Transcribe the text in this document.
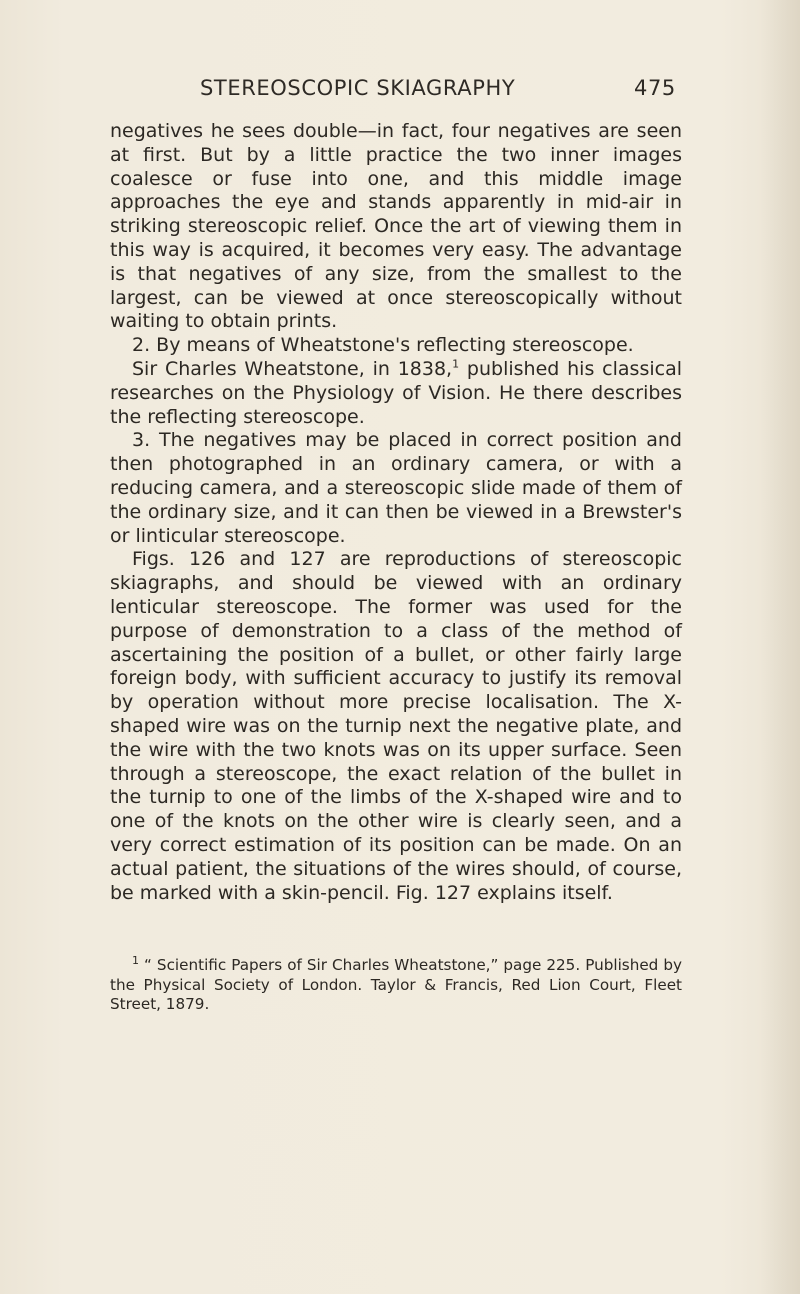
STEREOSCOPIC SKIAGRAPHY	475

negatives he sees double—in fact, four negatives are seen at first. But by a little practice the two inner images coalesce or fuse into one, and this middle image approaches the eye and stands apparently in mid-air in striking stereoscopic relief. Once the art of viewing them in this way is acquired, it becomes very easy. The advantage is that negatives of any size, from the smallest to the largest, can be viewed at once stereoscopically without waiting to obtain prints.

2. By means of Wheatstone's reflecting stereoscope.

Sir Charles Wheatstone, in 1838,$^1$ published his classical researches on the Physiology of Vision. He there describes the reflecting stereoscope.

3. The negatives may be placed in correct position and then photographed in an ordinary camera, or with a reducing camera, and a stereoscopic slide made of them of the ordinary size, and it can then be viewed in a Brewster's or linticular stereoscope.

Figs. 126 and 127 are reproductions of stereoscopic skiagraphs, and should be viewed with an ordinary lenticular stereoscope. The former was used for the purpose of demonstration to a class of the method of ascertaining the position of a bullet, or other fairly large foreign body, with sufficient accuracy to justify its removal by operation without more precise localisation. The X-shaped wire was on the turnip next the negative plate, and the wire with the two knots was on its upper surface. Seen through a stereoscope, the exact relation of the bullet in the turnip to one of the limbs of the X-shaped wire and to one of the knots on the other wire is clearly seen, and a very correct estimation of its position can be made. On an actual patient, the situations of the wires should, of course, be marked with a skin-pencil. Fig. 127 explains itself.

$^1$ “ Scientific Papers of Sir Charles Wheatstone,” page 225. Published by the Physical Society of London. Taylor & Francis, Red Lion Court, Fleet Street, 1879.
